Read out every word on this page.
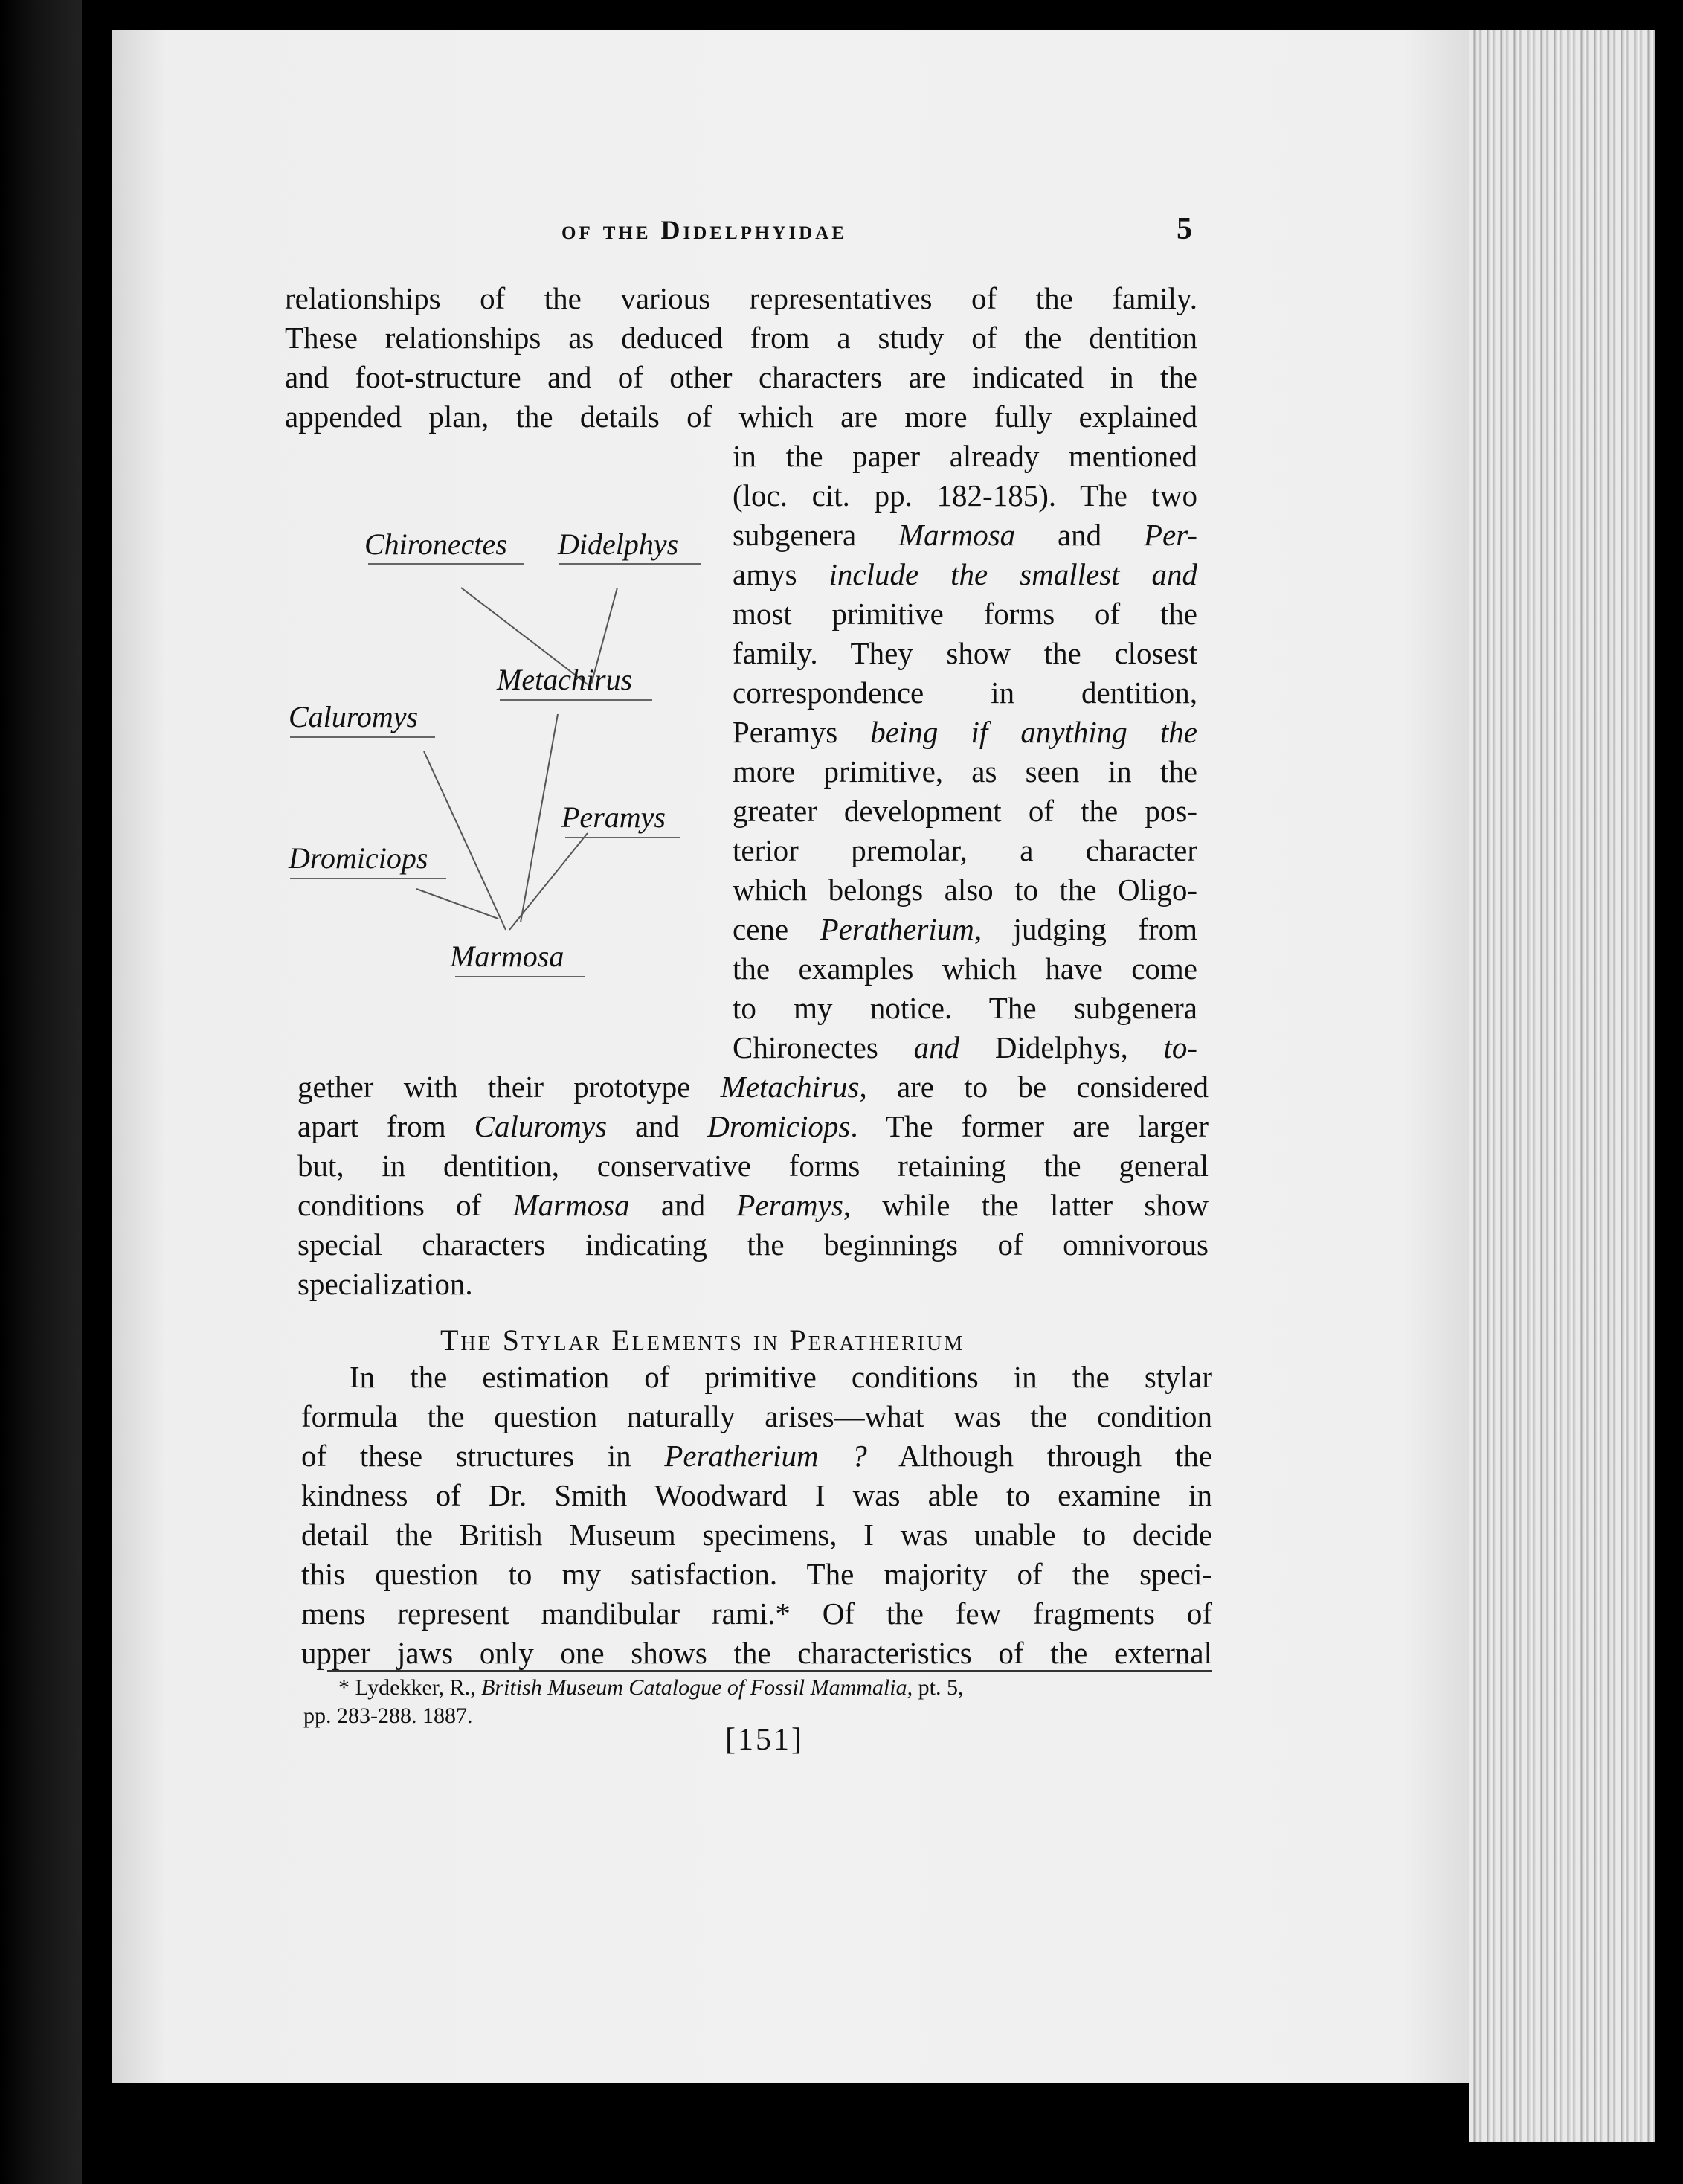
of the Didelphyidae	5
relationships of the various representatives of the family.
These relationships as deduced from a study of the dentition
and foot-structure and of other characters are indicated in the
appended plan, the details of which are more fully explained
in the paper already mentioned
(loc. cit. pp. 182-185). The two
subgenera Marmosa and Per-
amys include the smallest and
most primitive forms of the
family. They show the closest
correspondence in dentition,
Peramys being if anything the
more primitive, as seen in the
greater development of the pos-
terior premolar, a character
which belongs also to the Oligo-
cene Peratherium, judging from
the examples which have come
to my notice. The subgenera
Chironectes and Didelphys, to-
gether with their prototype Metachirus, are to be considered
apart from Caluromys and Dromiciops. The former are larger
but, in dentition, conservative forms retaining the general
conditions of Marmosa and Peramys, while the latter show
special characters indicating the beginnings of omnivorous
specialization.
Chironectes Didelphys
Metachirus
Caluromys
Peramys
Dromiciops
Marmosa
The Stylar Elements in Peratherium
In the estimation of primitive conditions in the stylar
formula the question naturally arises—what was the condition
of these structures in Peratherium ? Although through the
kindness of Dr. Smith Woodward I was able to examine in
detail the British Museum specimens, I was unable to decide
this question to my satisfaction. The majority of the speci-
mens represent mandibular rami.* Of the few fragments of
upper jaws only one shows the characteristics of the external
* Lydekker, R., British Museum Catalogue of Fossil Mammalia, pt. 5,
pp. 283-288. 1887.
[151]
